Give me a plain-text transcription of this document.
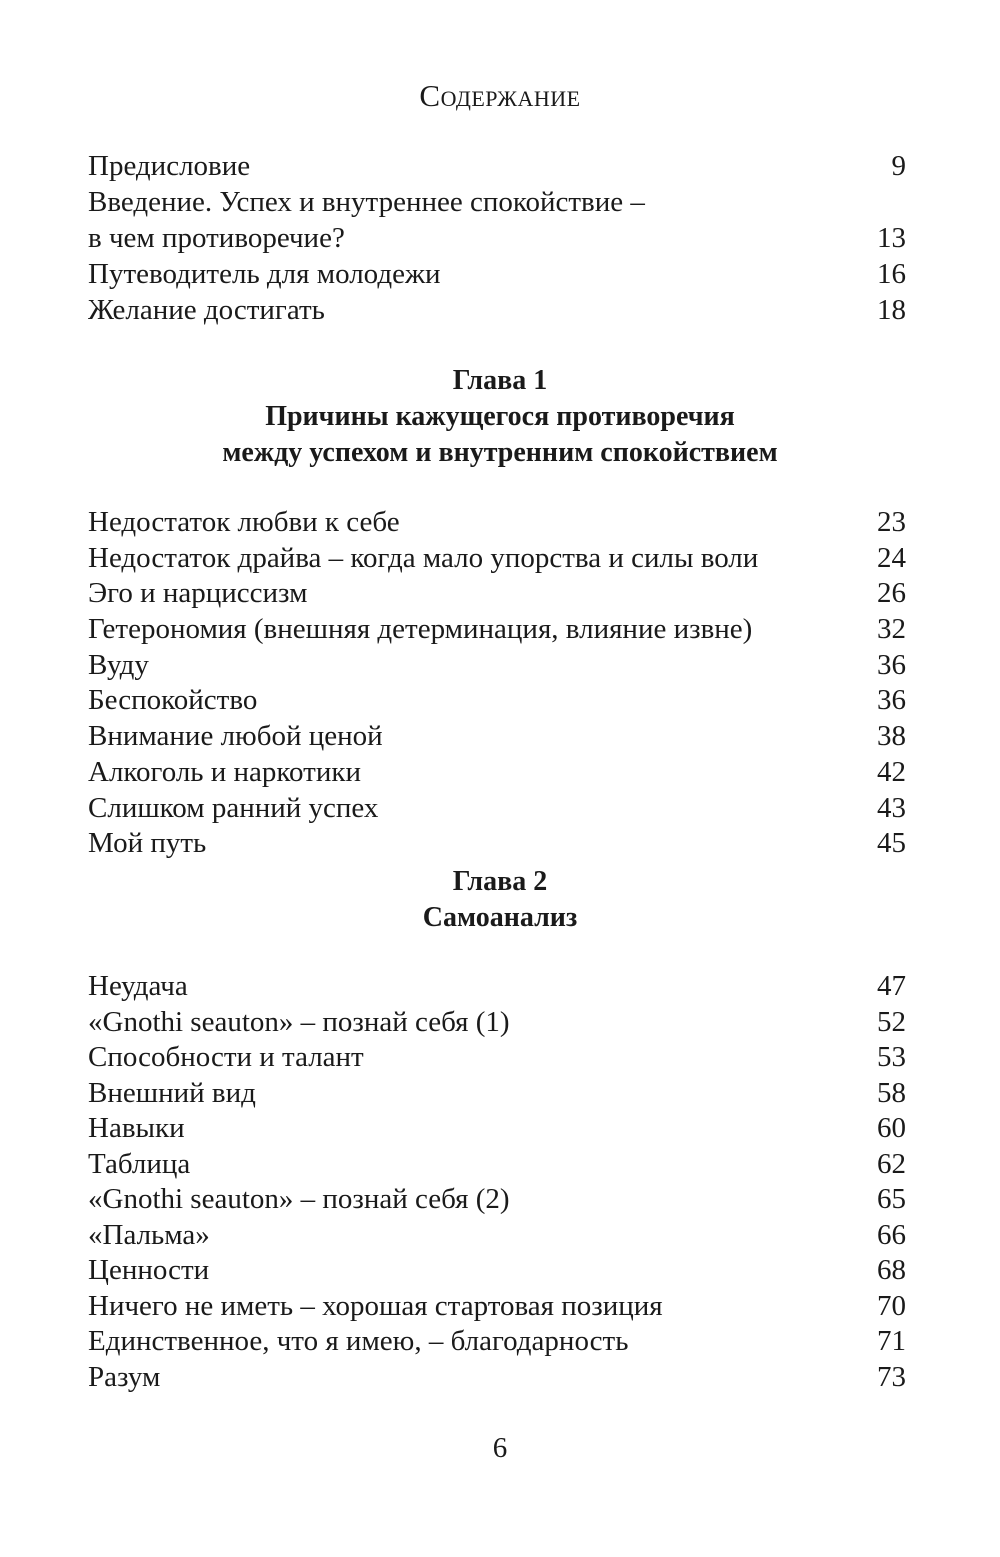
Содержание
Предисловие	9
Введение. Успех и внутреннее спокойствие –
в чем противоречие?	13
Путеводитель для молодежи	16
Желание достигать	18
Глава 1
Причины кажущегося противоречия
между успехом и внутренним спокойствием
Недостаток любви к себе	23
Недостаток драйва – когда мало упорства и силы воли	24
Эго и нарциссизм	26
Гетерономия (внешняя детерминация, влияние извне)	32
Вуду	36
Беспокойство	36
Внимание любой ценой	38
Алкоголь и наркотики	42
Слишком ранний успех	43
Мой путь	45
Глава 2
Самоанализ
Неудача	47
«Gnothi seauton» – познай себя (1)	52
Способности и талант	53
Внешний вид	58
Навыки	60
Таблица	62
«Gnothi seauton» – познай себя (2)	65
«Пальма»	66
Ценности	68
Ничего не иметь – хорошая стартовая позиция	70
Единственное, что я имею, – благодарность	71
Разум	73
6
